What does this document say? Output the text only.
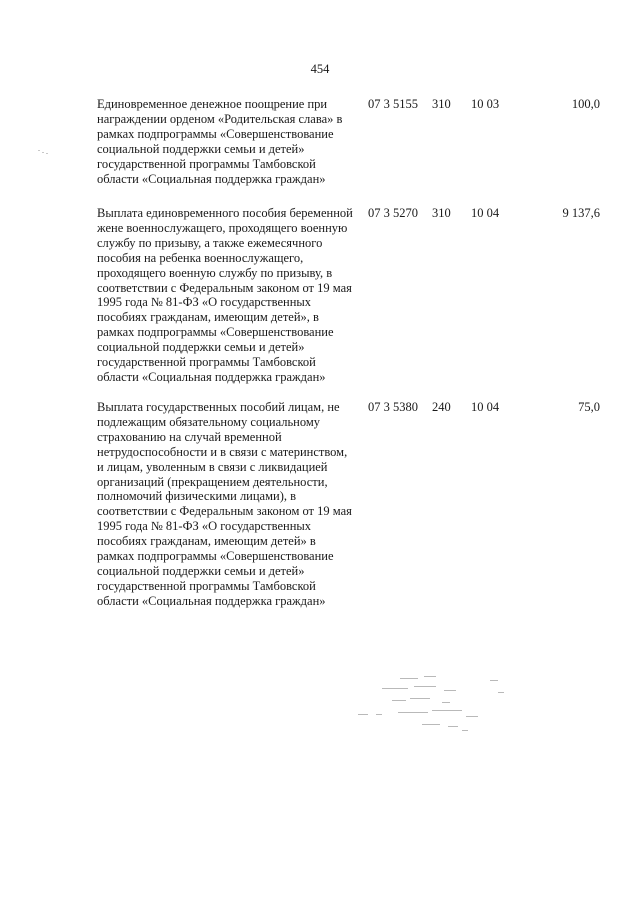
454
Единовременное денежное поощрение при награждении орденом «Родительская слава» в рамках подпрограммы «Совершенствование социальной поддержки семьи и детей» государственной программы Тамбовской области «Социальная поддержка граждан»
07 3 5155 310 10 03	100,0
Выплата единовременного пособия беременной жене военнослужащего, проходящего военную службу по призыву, а также ежемесячного пособия на ребенка военнослужащего, проходящего военную службу по призыву, в соответствии с Федеральным законом от 19 мая 1995 года № 81-ФЗ «О государственных пособиях гражданам, имеющим детей», в рамках подпрограммы «Совершенствование социальной поддержки семьи и детей» государственной программы Тамбовской области «Социальная поддержка граждан»
07 3 5270 310 10 04	9 137,6
Выплата государственных пособий лицам, не подлежащим обязательному социальному страхованию на случай временной нетрудоспособности и в связи с материнством, и лицам, уволенным в связи с ликвидацией организаций (прекращением деятельности, полномочий физическими лицами), в соответствии с Федеральным законом от 19 мая 1995 года № 81-ФЗ «О государственных пособиях гражданам, имеющим детей» в рамках подпрограммы «Совершенствование социальной поддержки семьи и детей» государственной программы Тамбовской области «Социальная поддержка граждан»
07 3 5380 240 10 04	75,0
